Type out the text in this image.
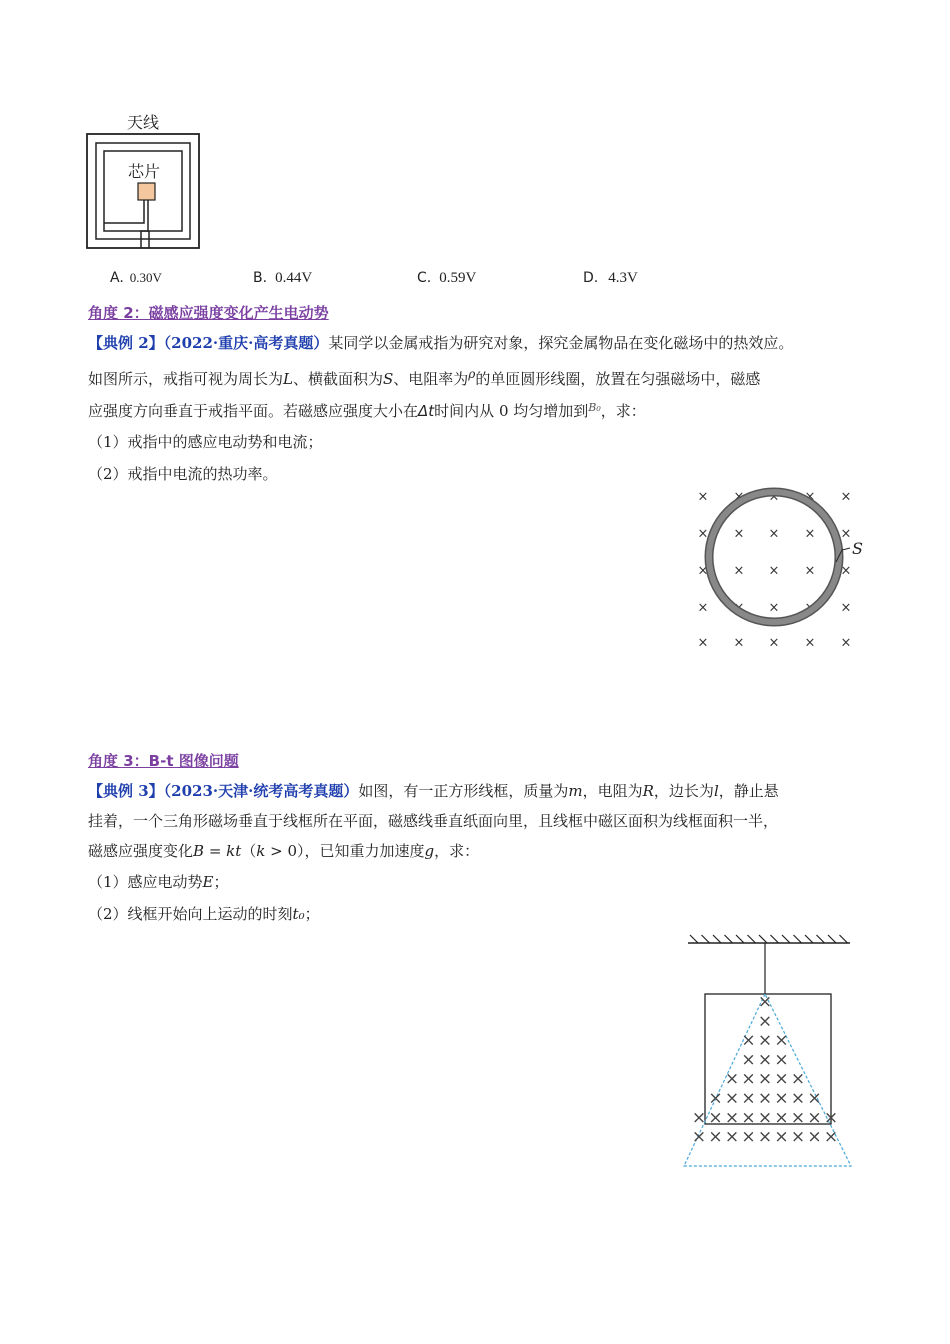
天线
芯片
A. 0.30V	B. 0.44V	C. 0.59V	D. 4.3V
角度 2：磁感应强度变化产生电动势
【典例 2】（2022·重庆·高考真题）某同学以金属戒指为研究对象，探究金属物品在变化磁场中的热效应。
如图所示，戒指可视为周长为L、横截面积为S、电阻率为$^\rho$的单匝圆形线圈，放置在匀强磁场中，磁感
应强度方向垂直于戒指平面。若磁感应强度大小在Δt时间内从 0 均匀增加到$^{B_0}$，求：
（1）戒指中的感应电动势和电流；
（2）戒指中电流的热功率。
× × × × ×
× × × × ×
× × × × ×
× × × × ×
× × × × ×
S
角度 3：B-t 图像问题
【典例 3】（2023·天津·统考高考真题）如图，有一正方形线框，质量为m，电阻为R，边长为l，静止悬
挂着，一个三角形磁场垂直于线框所在平面，磁感线垂直纸面向里，且线框中磁区面积为线框面积一半，
磁感应强度变化B = kt（k > 0），已知重力加速度g，求：
（1）感应电动势E；
（2）线框开始向上运动的时刻t₀；
×
×
× × ×
× × ×
× × × × ×
× × × × × × ×
× × × × × × × × ×
× × × × × × × × ×
